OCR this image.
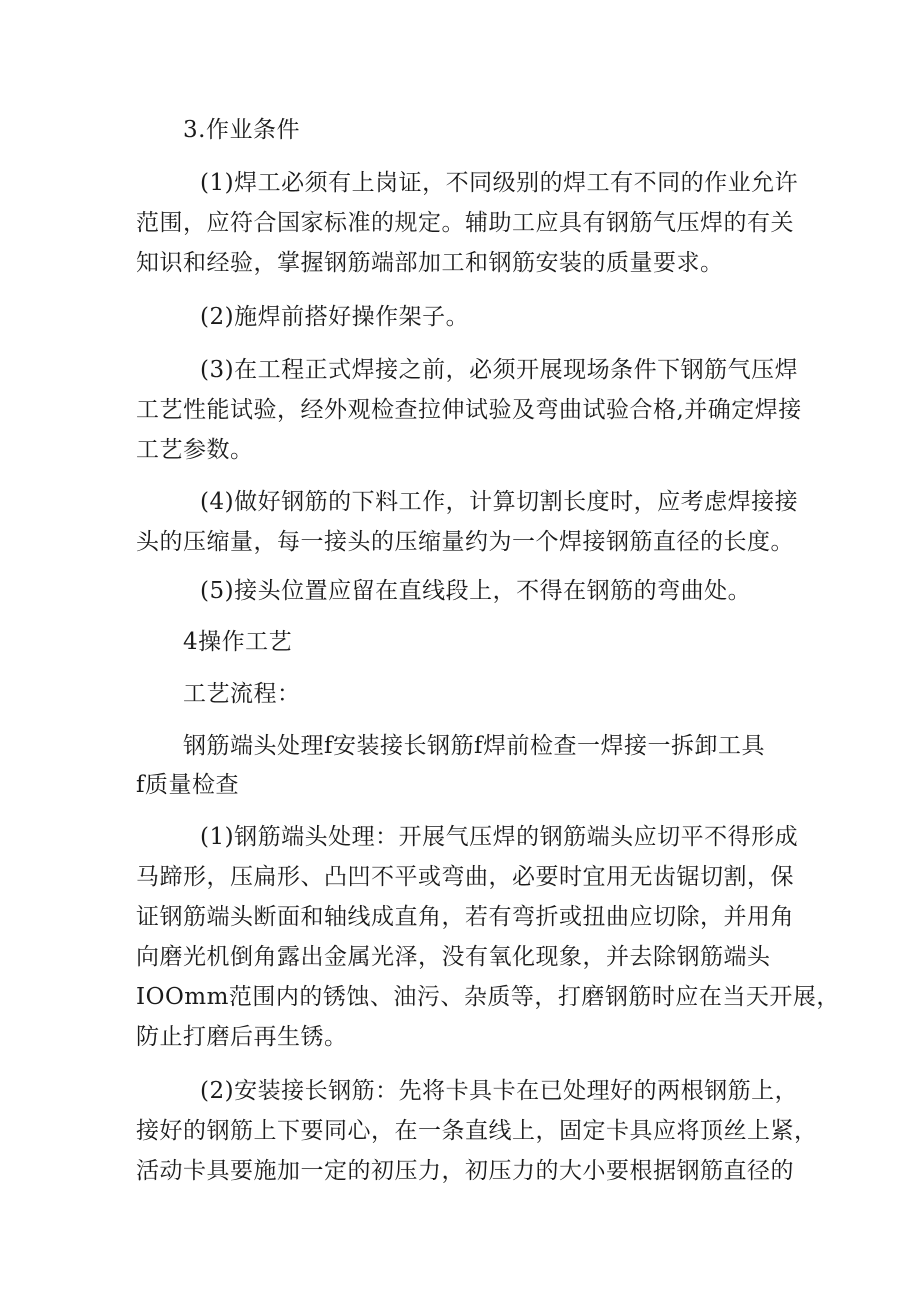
3.作业条件

(1)焊工必须有上岗证，不同级别的焊工有不同的作业允许

范围，应符合国家标准的规定。辅助工应具有钢筋气压焊的有关

知识和经验，掌握钢筋端部加工和钢筋安装的质量要求。

(2)施焊前搭好操作架子。

(3)在工程正式焊接之前，必须开展现场条件下钢筋气压焊

工艺性能试验，经外观检查拉伸试验及弯曲试验合格,并确定焊接

工艺参数。

(4)做好钢筋的下料工作，计算切割长度时，应考虑焊接接

头的压缩量，每一接头的压缩量约为一个焊接钢筋直径的长度。

(5)接头位置应留在直线段上，不得在钢筋的弯曲处。

4操作工艺

工艺流程：

钢筋端头处理f安装接长钢筋f焊前检查一焊接一拆卸工具

f质量检查

(1)钢筋端头处理：开展气压焊的钢筋端头应切平不得形成

马蹄形，压扁形、凸凹不平或弯曲，必要时宜用无齿锯切割，保

证钢筋端头断面和轴线成直角，若有弯折或扭曲应切除，并用角

向磨光机倒角露出金属光泽，没有氧化现象，并去除钢筋端头

IOOmm范围内的锈蚀、油污、杂质等，打磨钢筋时应在当天开展，

防止打磨后再生锈。

(2)安装接长钢筋：先将卡具卡在已处理好的两根钢筋上，

接好的钢筋上下要同心，在一条直线上，固定卡具应将顶丝上紧，

活动卡具要施加一定的初压力，初压力的大小要根据钢筋直径的
